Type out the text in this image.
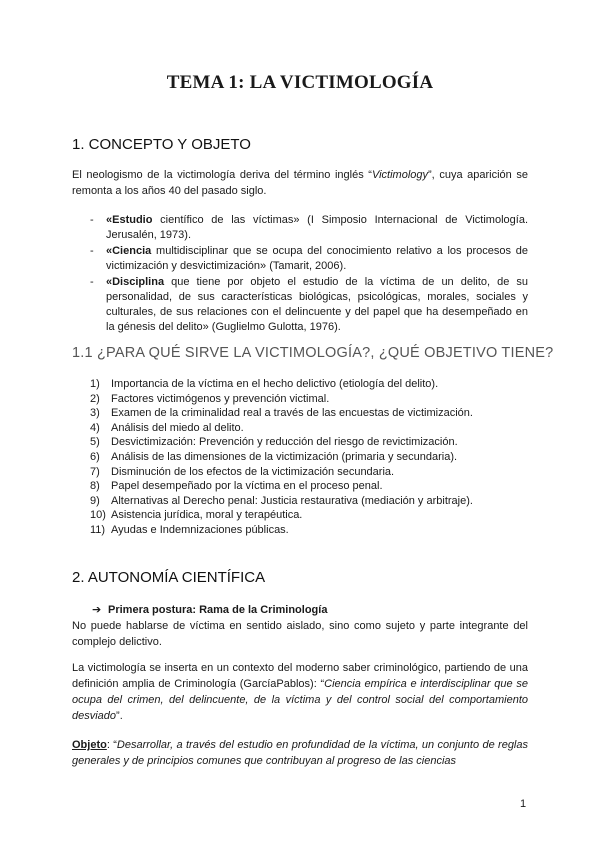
TEMA 1: LA VICTIMOLOGÍA
1. CONCEPTO Y OBJETO
El neologismo de la victimología deriva del término inglés “Victimology”, cuya aparición se remonta a los años 40 del pasado siglo.
- «Estudio científico de las víctimas» (I Simposio Internacional de Victimología. Jerusalén, 1973).
- «Ciencia multidisciplinar que se ocupa del conocimiento relativo a los procesos de victimización y desvictimización» (Tamarit, 2006).
- «Disciplina que tiene por objeto el estudio de la víctima de un delito, de su personalidad, de sus características biológicas, psicológicas, morales, sociales y culturales, de sus relaciones con el delincuente y del papel que ha desempeñado en la génesis del delito» (Guglielmo Gulotta, 1976).
1.1 ¿PARA QUÉ SIRVE LA VICTIMOLOGÍA?, ¿QUÉ OBJETIVO TIENE?
1)	Importancia de la víctima en el hecho delictivo (etiología del delito).
2)	Factores victimógenos y prevención victimal.
3)	Examen de la criminalidad real a través de las encuestas de victimización.
4)	Análisis del miedo al delito.
5)	Desvictimización: Prevención y reducción del riesgo de revictimización.
6)	Análisis de las dimensiones de la victimización (primaria y secundaria).
7)	Disminución de los efectos de la victimización secundaria.
8)	Papel desempeñado por la víctima en el proceso penal.
9)	Alternativas al Derecho penal: Justicia restaurativa (mediación y arbitraje).
10) Asistencia jurídica, moral y terapéutica.
11) Ayudas e Indemnizaciones públicas.
2. AUTONOMÍA CIENTÍFICA
➔ Primera postura: Rama de la Criminología
No puede hablarse de víctima en sentido aislado, sino como sujeto y parte integrante del complejo delictivo.
La victimología se inserta en un contexto del moderno saber criminológico, partiendo de una definición amplia de Criminología (GarcíaPablos): “Ciencia empírica e interdisciplinar que se ocupa del crimen, del delincuente, de la víctima y del control social del comportamiento desviado”.
Objeto: “Desarrollar, a través del estudio en profundidad de la víctima, un conjunto de reglas generales y de principios comunes que contribuyan al progreso de las ciencias
1
